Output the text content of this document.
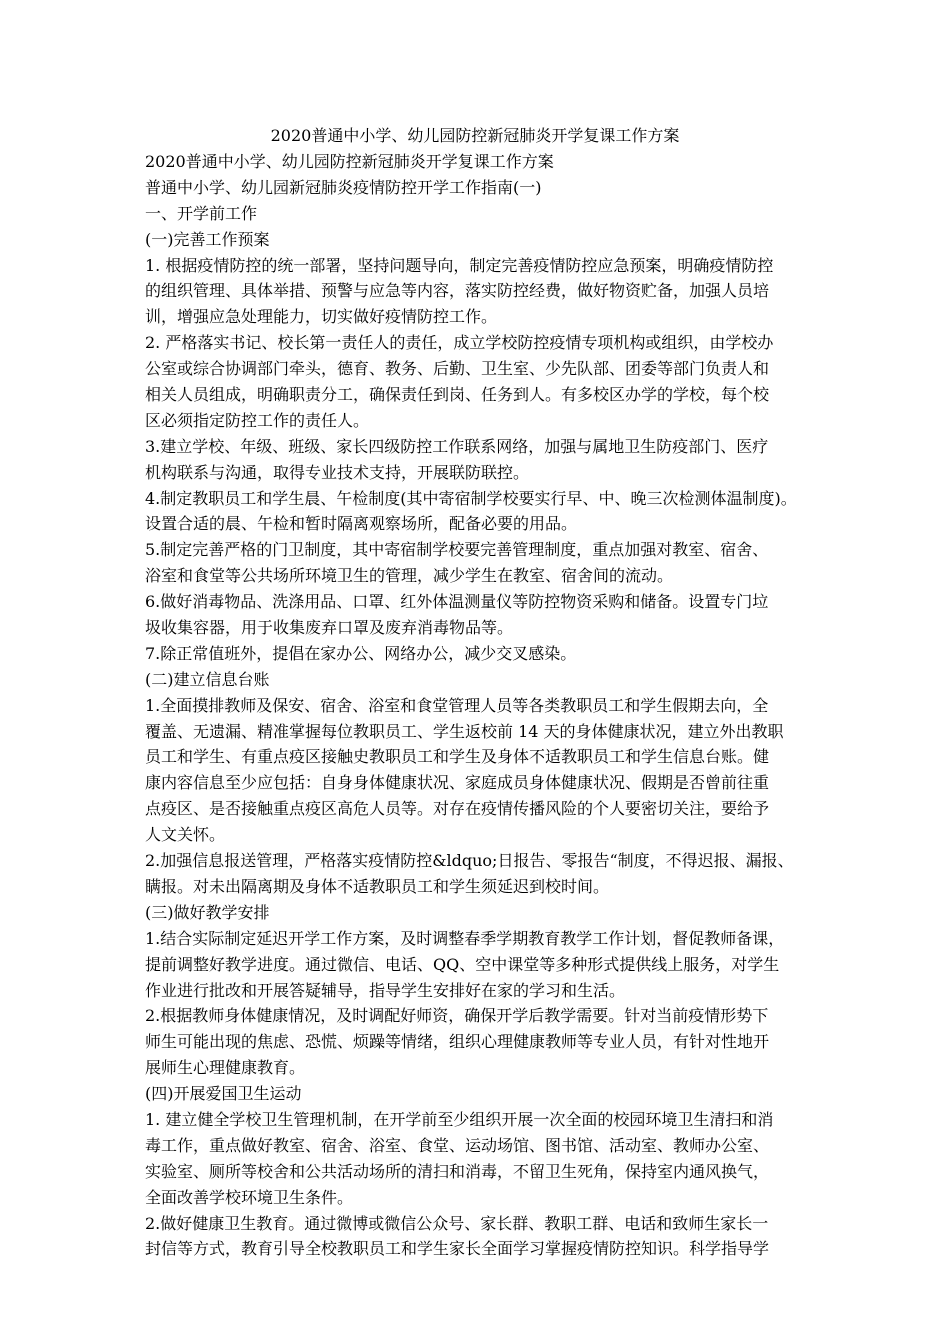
2020普通中小学、幼儿园防控新冠肺炎开学复课工作方案
2020普通中小学、幼儿园防控新冠肺炎开学复课工作方案
普通中小学、幼儿园新冠肺炎疫情防控开学工作指南(一)
一、开学前工作
(一)完善工作预案
1. 根据疫情防控的统一部署，坚持问题导向，制定完善疫情防控应急预案，明确疫情防控
的组织管理、具体举措、预警与应急等内容，落实防控经费，做好物资贮备，加强人员培
训，增强应急处理能力，切实做好疫情防控工作。
2. 严格落实书记、校长第一责任人的责任，成立学校防控疫情专项机构或组织，由学校办
公室或综合协调部门牵头，德育、教务、后勤、卫生室、少先队部、团委等部门负责人和
相关人员组成，明确职责分工，确保责任到岗、任务到人。有多校区办学的学校，每个校
区必须指定防控工作的责任人。
3.建立学校、年级、班级、家长四级防控工作联系网络，加强与属地卫生防疫部门、医疗
机构联系与沟通，取得专业技术支持，开展联防联控。
4.制定教职员工和学生晨、午检制度(其中寄宿制学校要实行早、中、晚三次检测体温制度)。
设置合适的晨、午检和暂时隔离观察场所，配备必要的用品。
5.制定完善严格的门卫制度，其中寄宿制学校要完善管理制度，重点加强对教室、宿舍、
浴室和食堂等公共场所环境卫生的管理，减少学生在教室、宿舍间的流动。
6.做好消毒物品、洗涤用品、口罩、红外体温测量仪等防控物资采购和储备。设置专门垃
圾收集容器，用于收集废弃口罩及废弃消毒物品等。
7.除正常值班外，提倡在家办公、网络办公，减少交叉感染。
(二)建立信息台账
1.全面摸排教师及保安、宿舍、浴室和食堂管理人员等各类教职员工和学生假期去向，全
覆盖、无遗漏、精准掌握每位教职员工、学生返校前 14 天的身体健康状况，建立外出教职
员工和学生、有重点疫区接触史教职员工和学生及身体不适教职员工和学生信息台账。健
康内容信息至少应包括：自身身体健康状况、家庭成员身体健康状况、假期是否曾前往重
点疫区、是否接触重点疫区高危人员等。对存在疫情传播风险的个人要密切关注，要给予
人文关怀。
2.加强信息报送管理，严格落实疫情防控&ldquo;日报告、零报告“制度，不得迟报、漏报、
瞒报。对未出隔离期及身体不适教职员工和学生须延迟到校时间。
(三)做好教学安排
1.结合实际制定延迟开学工作方案，及时调整春季学期教育教学工作计划，督促教师备课，
提前调整好教学进度。通过微信、电话、QQ、空中课堂等多种形式提供线上服务，对学生
作业进行批改和开展答疑辅导，指导学生安排好在家的学习和生活。
2.根据教师身体健康情况，及时调配好师资，确保开学后教学需要。针对当前疫情形势下
师生可能出现的焦虑、恐慌、烦躁等情绪，组织心理健康教师等专业人员，有针对性地开
展师生心理健康教育。
(四)开展爱国卫生运动
1. 建立健全学校卫生管理机制，在开学前至少组织开展一次全面的校园环境卫生清扫和消
毒工作，重点做好教室、宿舍、浴室、食堂、运动场馆、图书馆、活动室、教师办公室、
实验室、厕所等校舍和公共活动场所的清扫和消毒，不留卫生死角，保持室内通风换气，
全面改善学校环境卫生条件。
2.做好健康卫生教育。通过微博或微信公众号、家长群、教职工群、电话和致师生家长一
封信等方式，教育引导全校教职员工和学生家长全面学习掌握疫情防控知识。科学指导学
